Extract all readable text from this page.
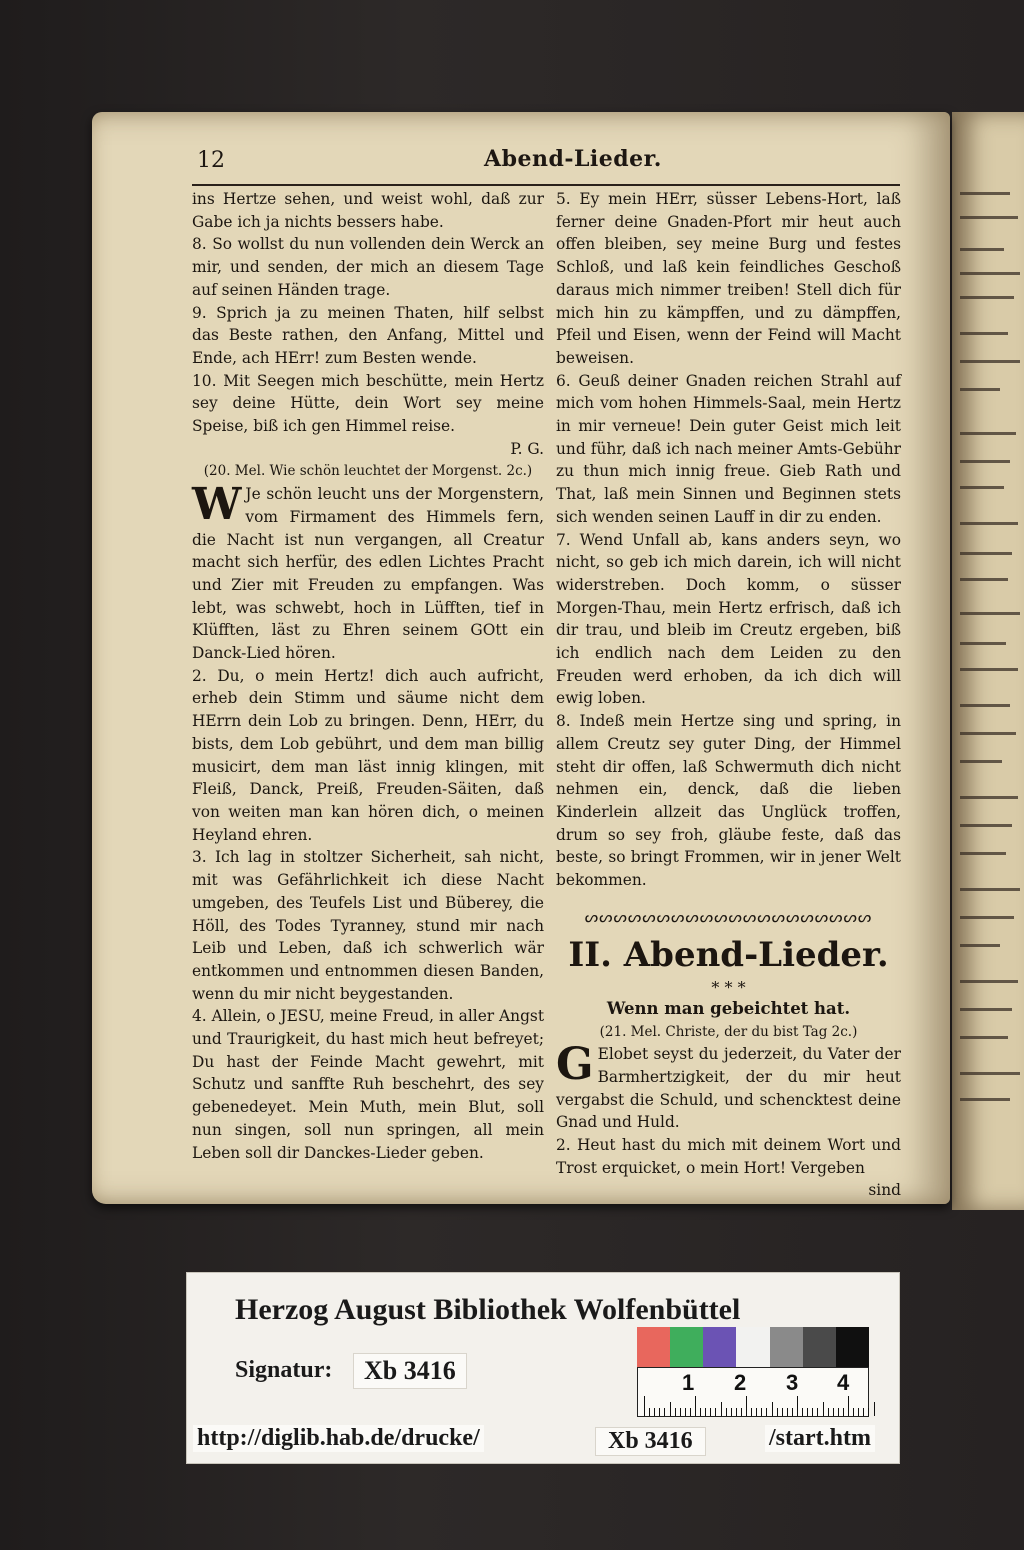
12	Abend-Lieder.

ins Hertze sehen, und weist wohl, daß zur Gabe ich ja nichts bessers habe.

8. So wollst du nun vollenden dein Werck an mir, und senden, der mich an diesem Tage auf seinen Händen trage.

9. Sprich ja zu meinen Thaten, hilf selbst das Beste rathen, den Anfang, Mittel und Ende, ach HErr! zum Besten wende.

10. Mit Seegen mich beschütte, mein Hertz sey deine Hütte, dein Wort sey meine Speise, biß ich gen Himmel reise.

P. G.

(20. Mel. Wie schön leuchtet der Morgenst. 2c.)

W Je schön leucht uns der Morgenstern, vom Firmament des Himmels fern, die Nacht ist nun vergangen, all Creatur macht sich herfür, des edlen Lichtes Pracht und Zier mit Freuden zu empfangen. Was lebt, was schwebt, hoch in Lüfften, tief in Klüfften, läst zu Ehren seinem GOtt ein Danck-Lied hören.

2. Du, o mein Hertz! dich auch aufricht, erheb dein Stimm und säume nicht dem HErrn dein Lob zu bringen. Denn, HErr, du bists, dem Lob gebührt, und dem man billig musicirt, dem man läst innig klingen, mit Fleiß, Danck, Preiß, Freuden-Säiten, daß von weiten man kan hören dich, o meinen Heyland ehren.

3. Ich lag in stoltzer Sicherheit, sah nicht, mit was Gefährlichkeit ich diese Nacht umgeben, des Teufels List und Büberey, die Höll, des Todes Tyranney, stund mir nach Leib und Leben, daß ich schwerlich wär entkommen und entnommen diesen Banden, wenn du mir nicht beygestanden.

4. Allein, o JESU, meine Freud, in aller Angst und Traurigkeit, du hast mich heut befreyet; Du hast der Feinde Macht gewehrt, mit Schutz und sanffte Ruh beschehrt, des sey gebenedeyet. Mein Muth, mein Blut, soll nun singen, soll nun springen, all mein Leben soll dir Danckes-Lieder geben.

5. Ey mein HErr, süsser Lebens-Hort, laß ferner deine Gnaden-Pfort mir heut auch offen bleiben, sey meine Burg und festes Schloß, und laß kein feindliches Geschoß daraus mich nimmer treiben! Stell dich für mich hin zu kämpffen, und zu dämpffen, Pfeil und Eisen, wenn der Feind will Macht beweisen.

6. Geuß deiner Gnaden reichen Strahl auf mich vom hohen Himmels-Saal, mein Hertz in mir verneue! Dein guter Geist mich leit und führ, daß ich nach meiner Amts-Gebühr zu thun mich innig freue. Gieb Rath und That, laß mein Sinnen und Beginnen stets sich wenden seinen Lauff in dir zu enden.

7. Wend Unfall ab, kans anders seyn, wo nicht, so geb ich mich darein, ich will nicht widerstreben. Doch komm, o süsser Morgen-Thau, mein Hertz erfrisch, daß ich dir trau, und bleib im Creutz ergeben, biß ich endlich nach dem Leiden zu den Freuden werd erhoben, da ich dich will ewig loben.

8. Indeß mein Hertze sing und spring, in allem Creutz sey guter Ding, der Himmel steht dir offen, laß Schwermuth dich nicht nehmen ein, denck, daß die lieben Kinderlein allzeit das Unglück troffen, drum so sey froh, gläube feste, daß das beste, so bringt Frommen, wir in jener Welt bekommen.

ᔕᔕᔕᔕᔕᔕᔕᔕᔕᔕᔕᔕᔕᔕᔕᔕᔕᔕᔕᔕ
II. Abend-Lieder.
* * *
Wenn man gebeichtet hat.

(21. Mel. Christe, der du bist Tag 2c.)

G Elobet seyst du jederzeit, du Vater der Barmhertzigkeit, der du mir heut vergabst die Schuld, und schencktest deine Gnad und Huld.

2. Heut hast du mich mit deinem Wort und Trost erquicket, o mein Hort! Vergeben

sind

Herzog August Bibliothek Wolfenbüttel
Signatur:	Xb 3416	1 2 3 4
http://diglib.hab.de/drucke/	Xb 3416	/start.htm
